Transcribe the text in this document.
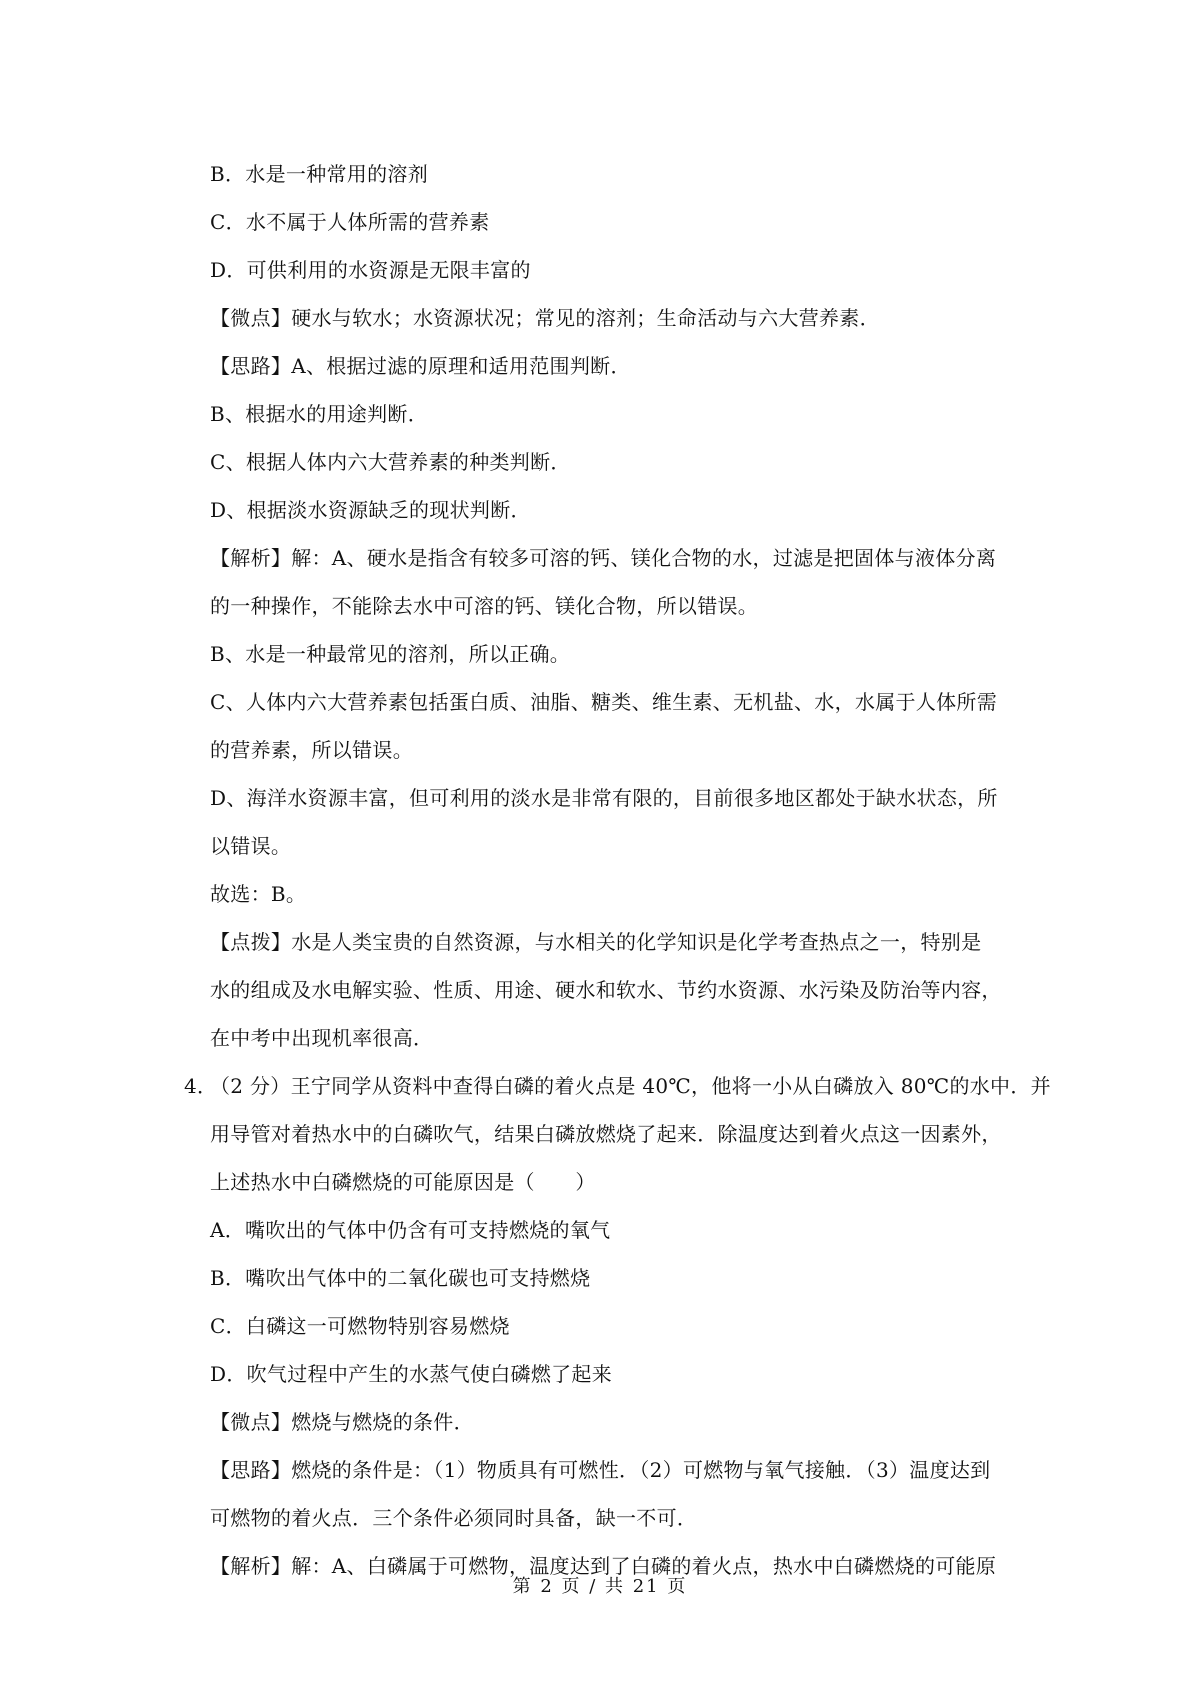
B．水是一种常用的溶剂
C．水不属于人体所需的营养素
D．可供利用的水资源是无限丰富的
【微点】硬水与软水；水资源状况；常见的溶剂；生命活动与六大营养素．
【思路】A、根据过滤的原理和适用范围判断．
B、根据水的用途判断．
C、根据人体内六大营养素的种类判断．
D、根据淡水资源缺乏的现状判断．
【解析】解：A、硬水是指含有较多可溶的钙、镁化合物的水，过滤是把固体与液体分离
的一种操作，不能除去水中可溶的钙、镁化合物，所以错误。
B、水是一种最常见的溶剂，所以正确。
C、人体内六大营养素包括蛋白质、油脂、糖类、维生素、无机盐、水，水属于人体所需
的营养素，所以错误。
D、海洋水资源丰富，但可利用的淡水是非常有限的，目前很多地区都处于缺水状态，所
以错误。
故选：B。
【点拨】水是人类宝贵的自然资源，与水相关的化学知识是化学考查热点之一，特别是
水的组成及水电解实验、性质、用途、硬水和软水、节约水资源、水污染及防治等内容，
在中考中出现机率很高．
4．
（2 分）王宁同学从资料中查得白磷的着火点是 40℃，他将一小从白磷放入 80℃的水中．并
用导管对着热水中的白磷吹气，结果白磷放燃烧了起来．除温度达到着火点这一因素外，
上述热水中白磷燃烧的可能原因是（　　）
A．嘴吹出的气体中仍含有可支持燃烧的氧气
B．嘴吹出气体中的二氧化碳也可支持燃烧
C．白磷这一可燃物特别容易燃烧
D．吹气过程中产生的水蒸气使白磷燃了起来
【微点】燃烧与燃烧的条件．
【思路】燃烧的条件是：（1）物质具有可燃性．（2）可燃物与氧气接触．（3）温度达到
可燃物的着火点．三个条件必须同时具备，缺一不可．
【解析】解：A、白磷属于可燃物，温度达到了白磷的着火点，热水中白磷燃烧的可能原
第 2 页 / 共 21 页
